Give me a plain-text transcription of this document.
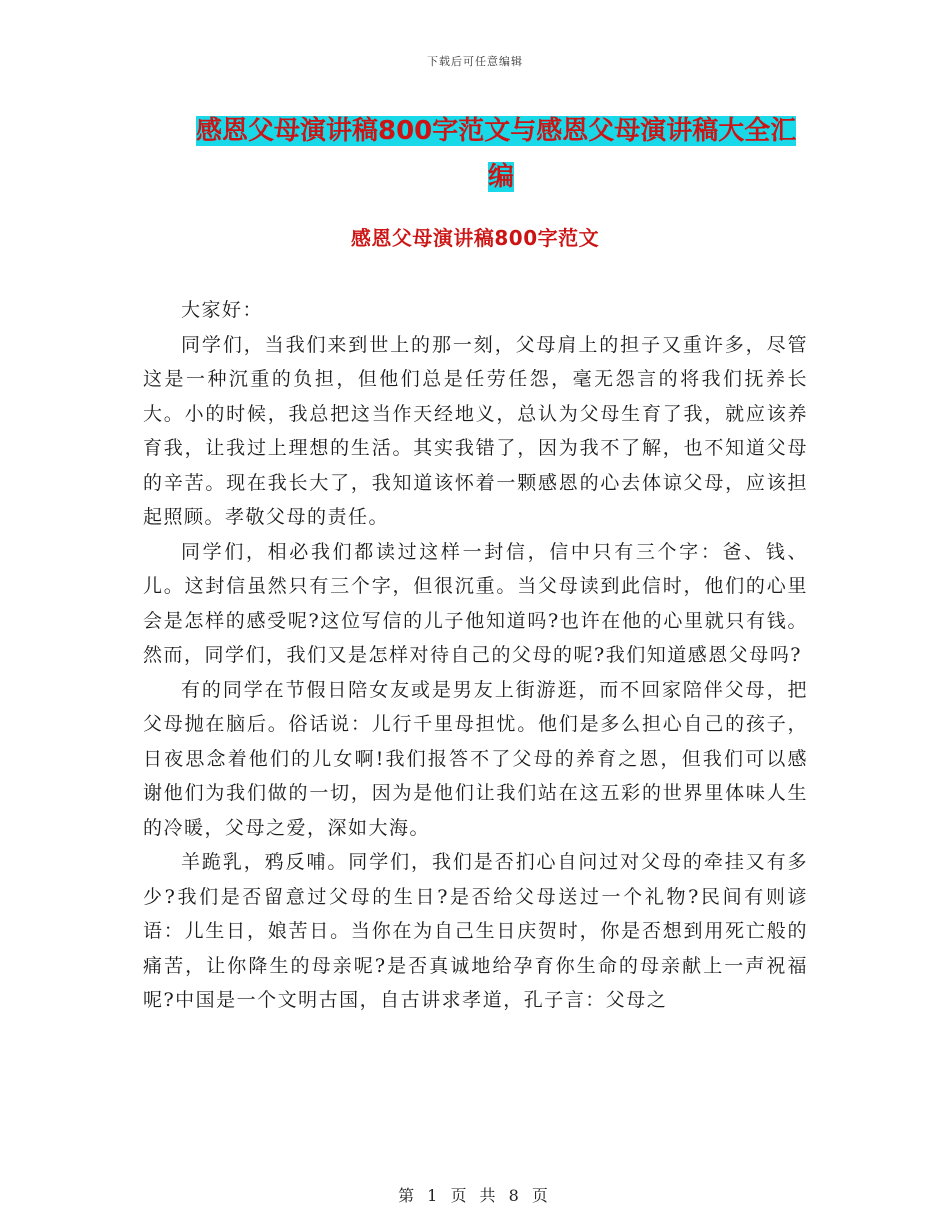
下载后可任意编辑
感恩父母演讲稿800字范文与感恩父母演讲稿大全汇
编
感恩父母演讲稿800字范文

大家好：

同学们，当我们来到世上的那一刻，父母肩上的担子又重许多，尽管这是一种沉重的负担，但他们总是任劳任怨，毫无怨言的将我们抚养长大。小的时候，我总把这当作天经地义，总认为父母生育了我，就应该养育我，让我过上理想的生活。其实我错了，因为我不了解，也不知道父母的辛苦。现在我长大了，我知道该怀着一颗感恩的心去体谅父母，应该担起照顾。孝敬父母的责任。

同学们，相必我们都读过这样一封信，信中只有三个字：爸、钱、儿。这封信虽然只有三个字，但很沉重。当父母读到此信时，他们的心里会是怎样的感受呢?这位写信的儿子他知道吗?也许在他的心里就只有钱。然而，同学们，我们又是怎样对待自己的父母的呢?我们知道感恩父母吗?

有的同学在节假日陪女友或是男友上街游逛，而不回家陪伴父母，把父母抛在脑后。俗话说：儿行千里母担忧。他们是多么担心自己的孩子，日夜思念着他们的儿女啊!我们报答不了父母的养育之恩，但我们可以感谢他们为我们做的一切，因为是他们让我们站在这五彩的世界里体味人生的冷暖，父母之爱，深如大海。

羊跪乳，鸦反哺。同学们，我们是否扪心自问过对父母的牵挂又有多少?我们是否留意过父母的生日?是否给父母送过一个礼物?民间有则谚语：儿生日，娘苦日。当你在为自己生日庆贺时，你是否想到用死亡般的痛苦，让你降生的母亲呢?是否真诚地给孕育你生命的母亲献上一声祝福呢?中国是一个文明古国，自古讲求孝道，孔子言：父母之

第 1 页 共 8 页
